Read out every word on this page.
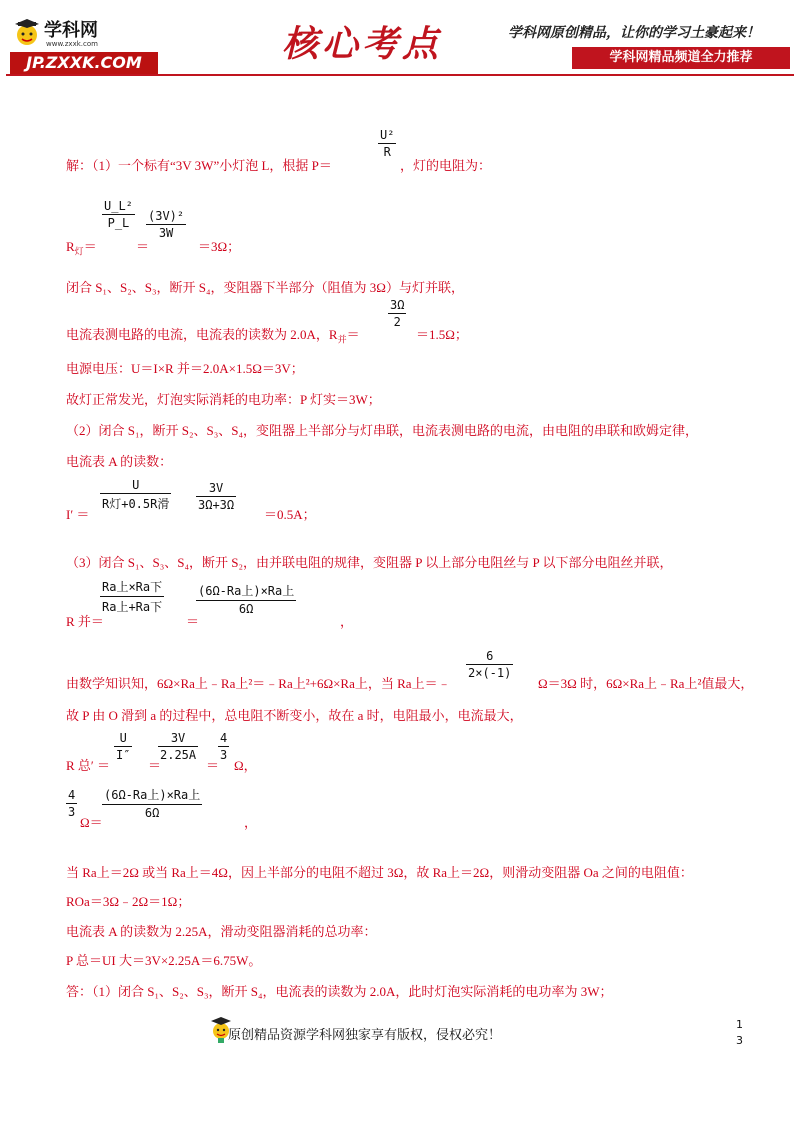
学科网
www.zxxk.com
JP.ZXXK.COM	核心考点	学科网原创精品，让你的学习土豪起来！
学科网精品频道全力推荐
解：（1）一个标有“3V 3W”小灯泡 L，根据 P＝
$\frac{\text{U²}}{R}$
，灯的电阻为：
$R_灯=$
$\frac{\text{U\_L²}}{P\_L}$
＝
$\frac{\text{(3V)²}}{3W}$
＝3Ω；
闭合 S₁、S₂、S₃，断开 S₄，变阻器下半部分（阻值为 3Ω）与灯并联，
电流表测电路的电流，电流表的读数为 2.0A，$R_并=$
$\frac{3\Omega}{2}$
＝1.5Ω；
电源电压：U＝I×R 并＝2.0A×1.5Ω＝3V；
故灯正常发光，灯泡实际消耗的电功率：P 灯实＝3W；
（2）闭合 S₁，断开 S₂、S₃、S₄，变阻器上半部分与灯串联，电流表测电路的电流，由电阻的串联和欧姆定律，
电流表 A 的读数：
I′ ＝
U
R灯+0.5R滑 $\frac{3V}{3\Omega+3\Omega}$
＝0.5A；
（3）闭合 S₁、S₃、S₄，断开 S₂，由并联电阻的规律，变阻器 P 以上部分电阻丝与 P 以下部分电阻丝并联，
R 并＝
Ra上×Ra下
Ra上+Ra下
＝
(6Ω-Ra上)×Ra上
6Ω
，
由数学知识知，6Ω×Ra上﹣Ra上²＝﹣Ra上²+6Ω×Ra上，当 Ra上＝﹣
$\frac{6}{2\times(-1)}$
Ω＝3Ω 时，6Ω×Ra上﹣Ra上²值最大，
故 P 由 O 滑到 a 的过程中，总电阻不断变小，故在 a 时，电阻最小，电流最大，
R 总′ ＝
$\frac{U}{I''}$
＝
$\frac{3V}{2.25A}$
＝
$\frac{4}{3}$
Ω，
$\frac{4}{3}$
Ω＝
(6Ω-Ra上)×Ra上
6Ω
，
当 Ra上＝2Ω 或当 Ra上＝4Ω，因上半部分的电阻不超过 3Ω，故 Ra上＝2Ω，则滑动变阻器 Oa 之间的电阻值：
ROa＝3Ω﹣2Ω＝1Ω；
电流表 A 的读数为 2.25A，滑动变阻器消耗的总功率：
P 总＝UI 大＝3V×2.25A＝6.75W。
答：（1）闭合 S₁、S₂、S₃，断开 S₄，电流表的读数为 2.0A，此时灯泡实际消耗的电功率为 3W；
原创精品资源学科网独家享有版权，侵权必究！
1
3
